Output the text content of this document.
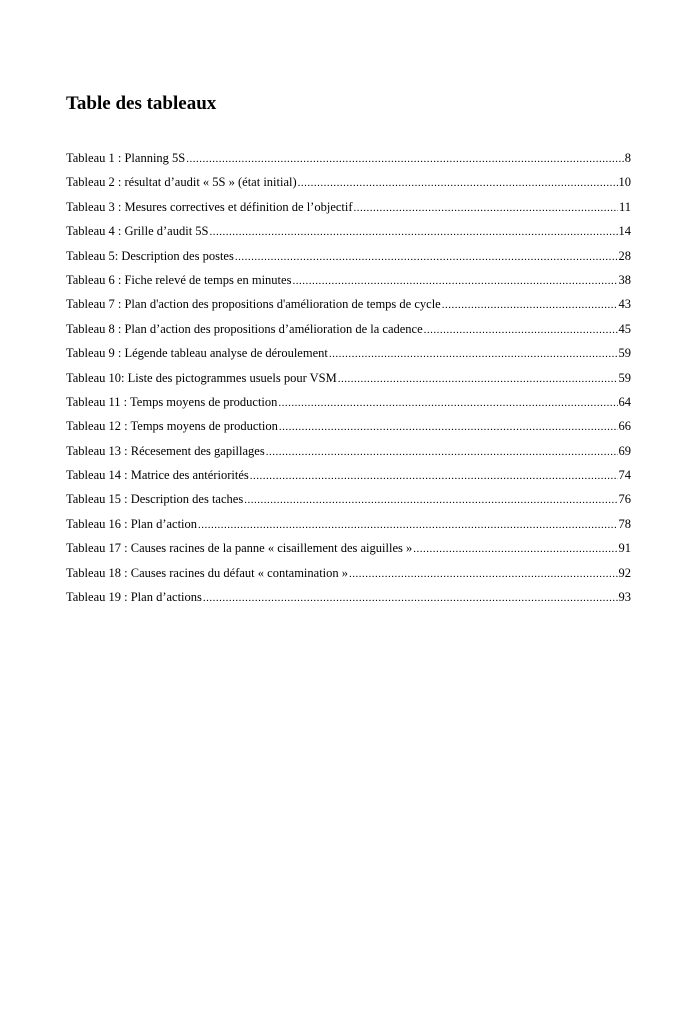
Table des tableaux
Tableau 1 : Planning 5S .....	8
Tableau 2 : résultat d’audit « 5S » (état initial) .....	10
Tableau 3 : Mesures correctives et définition de l’objectif .....	11
Tableau 4 : Grille d’audit 5S .....	14
Tableau 5: Description des postes .....	28
Tableau 6 : Fiche relevé de temps en minutes .....	38
Tableau 7 : Plan d'action des propositions d'amélioration de temps de cycle .....	43
Tableau 8 : Plan d’action des propositions d’amélioration de la cadence .....	45
Tableau 9 : Légende tableau analyse de déroulement .....	59
Tableau 10: Liste des pictogrammes usuels pour VSM .....	59
Tableau 11 : Temps moyens de production .....	64
Tableau 12 : Temps moyens de production .....	66
Tableau 13 : Récesement des gapillages .....	69
Tableau 14 : Matrice des antériorités .....	74
Tableau 15 : Description des taches .....	76
Tableau 16 : Plan d’action .....	78
Tableau 17 : Causes racines de la panne « cisaillement des aiguilles » .....	91
Tableau 18 : Causes racines du défaut « contamination » .....	92
Tableau 19 : Plan d’actions .....	93
